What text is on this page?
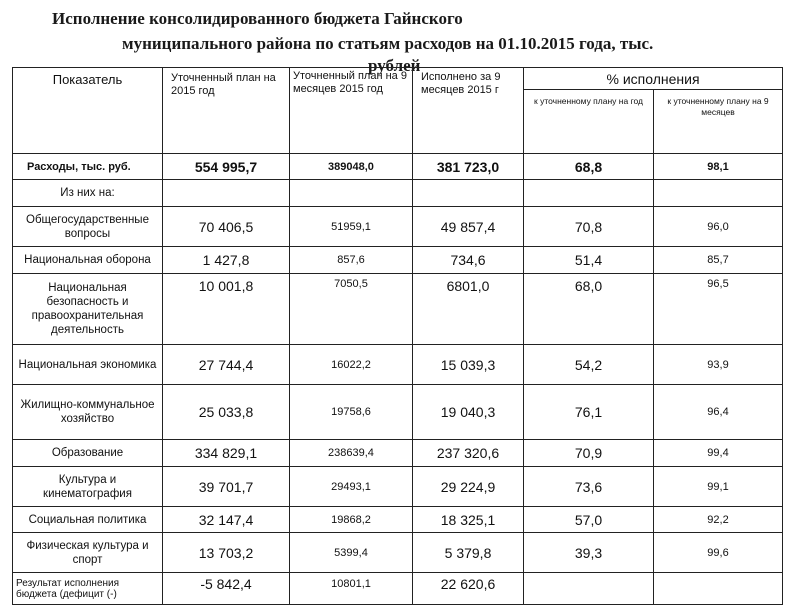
Исполнение консолидированного бюджета Гайнского
муниципального района по статьям расходов на 01.10.2015 года, тыс.
рублей
Показатель	Уточненный план на 2015 год	Уточненный план на 9 месяцев 2015 год	Исполнено за 9 месяцев 2015 г	% исполнения	
				к уточненному плану на год	к уточненному плану на 9 месяцев
Расходы, тыс. руб.	554 995,7	389048,0	381 723,0	68,8	98,1
Из них на:					
Общегосударственные вопросы	70 406,5	51959,1	49 857,4	70,8	96,0
Национальная оборона	1 427,8	857,6	734,6	51,4	85,7
Национальная безопасность и правоохранительная деятельность	10 001,8	7050,5	6801,0	68,0	96,5
Национальная экономика	27 744,4	16022,2	15 039,3	54,2	93,9
Жилищно-коммунальное хозяйство	25 033,8	19758,6	19 040,3	76,1	96,4
Образование	334 829,1	238639,4	237 320,6	70,9	99,4
Культура и кинематография	39 701,7	29493,1	29 224,9	73,6	99,1
Социальная политика	32 147,4	19868,2	18 325,1	57,0	92,2
Физическая культура и спорт	13 703,2	5399,4	5 379,8	39,3	99,6
Результат исполнения бюджета (дефицит (-)	-5 842,4	10801,1	22 620,6		
